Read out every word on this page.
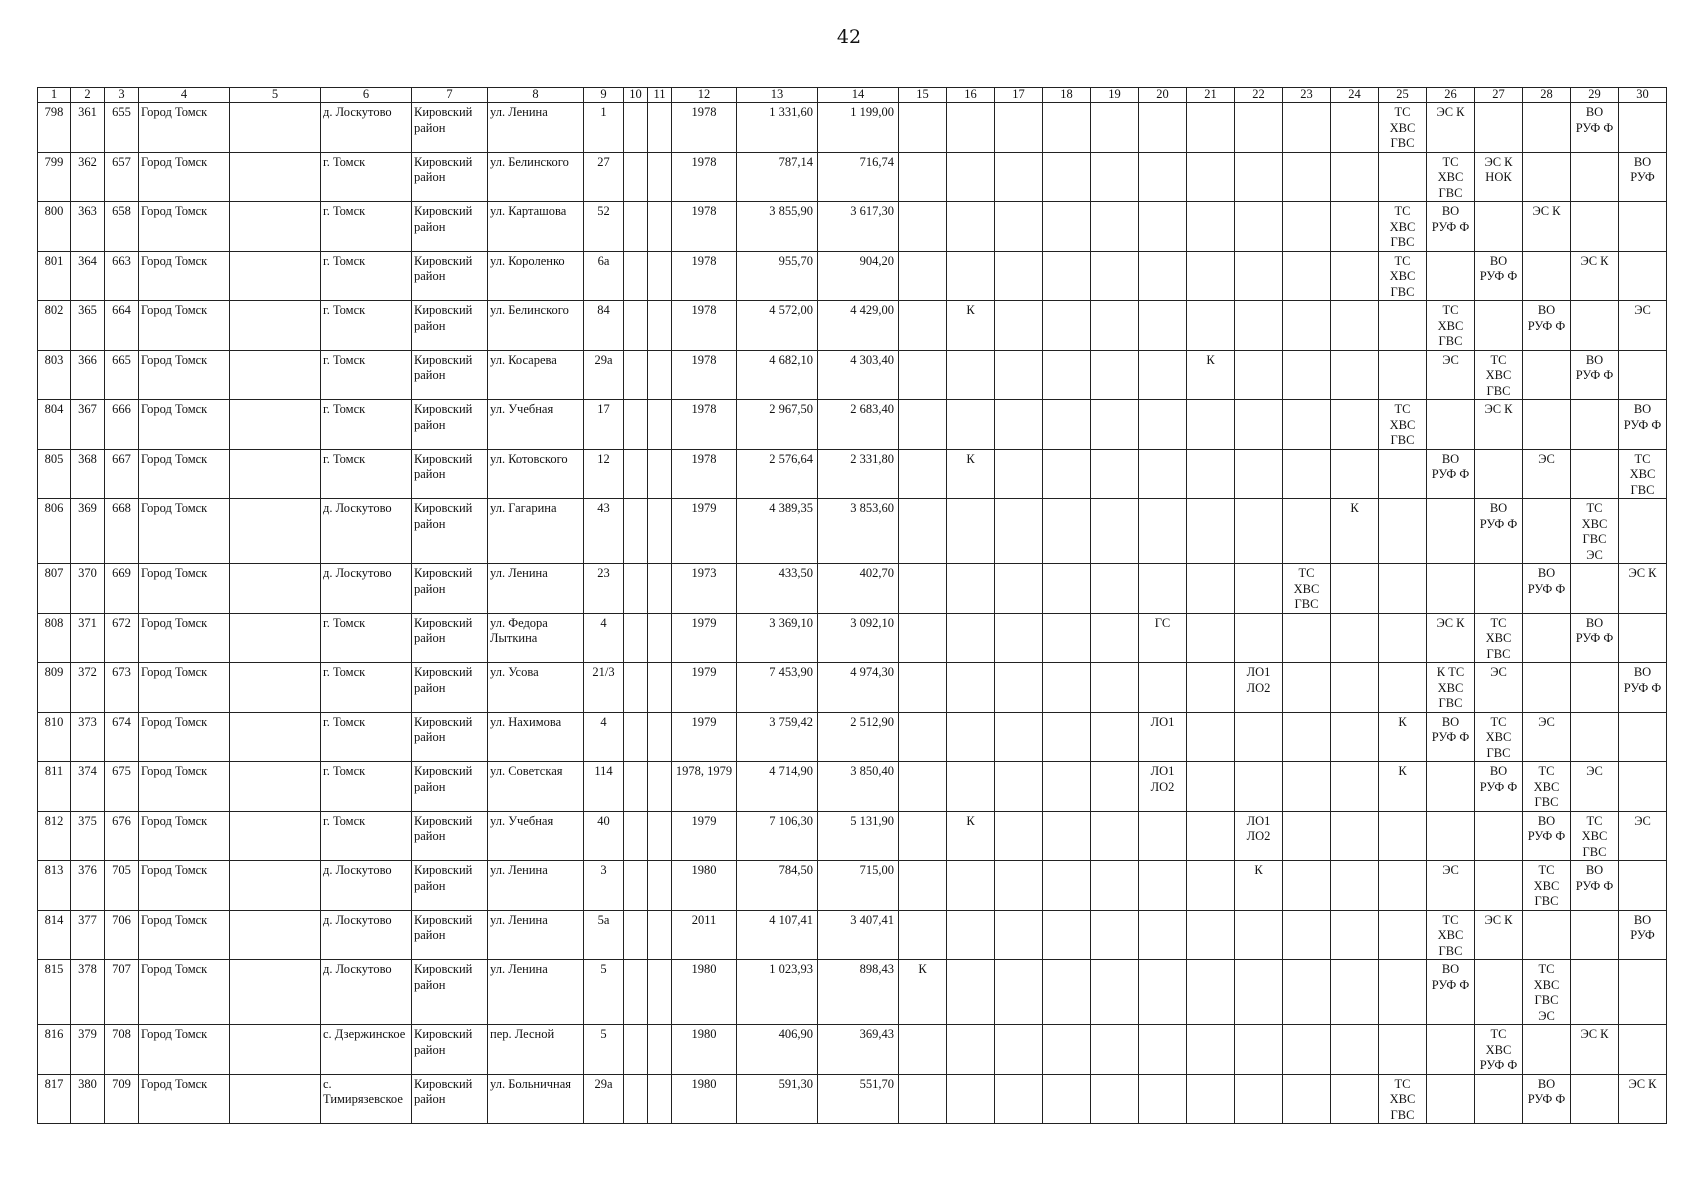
42
1	2	3	4	5	6	7	8	9	10	11	12	13	14	15	16	17	18	19	20	21	22	23	24	25	26	27	28	29	30
798	361	655	Город Томск		д. Лоскутово	Кировский район	ул. Ленина	1			1978	1 331,60	1 199,00											ТС
ХВС
ГВС	ЭС К			ВО
РУФ Ф	
799	362	657	Город Томск		г. Томск	Кировский район	ул. Белинского	27			1978	787,14	716,74												ТС
ХВС
ГВС	ЭС К
НОК			ВО
РУФ
800	363	658	Город Томск		г. Томск	Кировский район	ул. Карташова	52			1978	3 855,90	3 617,30											ТС
ХВС
ГВС	ВО
РУФ Ф		ЭС К		
801	364	663	Город Томск		г. Томск	Кировский район	ул. Короленко	6а			1978	955,70	904,20											ТС
ХВС
ГВС		ВО
РУФ Ф		ЭС К	
802	365	664	Город Томск		г. Томск	Кировский район	ул. Белинского	84			1978	4 572,00	4 429,00		К										ТС
ХВС
ГВС		ВО
РУФ Ф		ЭС
803	366	665	Город Томск		г. Томск	Кировский район	ул. Косарева	29а			1978	4 682,10	4 303,40							К					ЭС	ТС
ХВС
ГВС		ВО
РУФ Ф	
804	367	666	Город Томск		г. Томск	Кировский район	ул. Учебная	17			1978	2 967,50	2 683,40											ТС
ХВС
ГВС		ЭС К			ВО
РУФ Ф
805	368	667	Город Томск		г. Томск	Кировский район	ул. Котовского	12			1978	2 576,64	2 331,80		К										ВО
РУФ Ф		ЭС		ТС
ХВС
ГВС
806	369	668	Город Томск		д. Лоскутово	Кировский район	ул. Гагарина	43			1979	4 389,35	3 853,60										К			ВО
РУФ Ф		ТС
ХВС
ГВС
ЭС	
807	370	669	Город Томск		д. Лоскутово	Кировский район	ул. Ленина	23			1973	433,50	402,70									ТС
ХВС
ГВС					ВО
РУФ Ф		ЭС К
808	371	672	Город Томск		г. Томск	Кировский район	ул. Федора Лыткина	4			1979	3 369,10	3 092,10						ГС						ЭС К	ТС
ХВС
ГВС		ВО
РУФ Ф	
809	372	673	Город Томск		г. Томск	Кировский район	ул. Усова	21/3			1979	7 453,90	4 974,30								ЛО1
ЛО2				К ТС
ХВС
ГВС	ЭС			ВО
РУФ Ф
810	373	674	Город Томск		г. Томск	Кировский район	ул. Нахимова	4			1979	3 759,42	2 512,90						ЛО1					К	ВО
РУФ Ф	ТС
ХВС
ГВС	ЭС		
811	374	675	Город Томск		г. Томск	Кировский район	ул. Советская	114			1978, 1979	4 714,90	3 850,40						ЛО1
ЛО2					К		ВО
РУФ Ф	ТС
ХВС
ГВС	ЭС	
812	375	676	Город Томск		г. Томск	Кировский район	ул. Учебная	40			1979	7 106,30	5 131,90		К						ЛО1
ЛО2						ВО
РУФ Ф	ТС
ХВС
ГВС	ЭС
813	376	705	Город Томск		д. Лоскутово	Кировский район	ул. Ленина	3			1980	784,50	715,00								К				ЭС		ТС
ХВС
ГВС	ВО
РУФ Ф	
814	377	706	Город Томск		д. Лоскутово	Кировский район	ул. Ленина	5а			2011	4 107,41	3 407,41												ТС
ХВС
ГВС	ЭС К			ВО
РУФ
815	378	707	Город Томск		д. Лоскутово	Кировский район	ул. Ленина	5			1980	1 023,93	898,43	К											ВО
РУФ Ф		ТС
ХВС
ГВС
ЭС		
816	379	708	Город Томск		с. Дзержинское	Кировский район	пер. Лесной	5			1980	406,90	369,43													ТС
ХВС
РУФ Ф		ЭС К	
817	380	709	Город Томск		с. Тимирязевское	Кировский район	ул. Больничная	29а			1980	591,30	551,70											ТС
ХВС
ГВС			ВО
РУФ Ф		ЭС К
